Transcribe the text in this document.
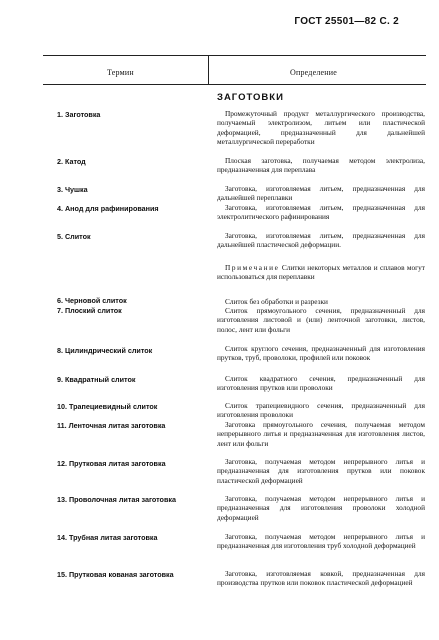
ГОСТ 25501—82 С. 2
Термин	Определение
ЗАГОТОВКИ
1. Заготовка	Промежуточный продукт металлургического производства, получаемый электролизом, литьем или пластической деформацией, предназначенный для дальнейшей металлургической переработки
2. Катод	Плоская заготовка, получаемая методом электролиза, предназначенная для переплава
3. Чушка	Заготовка, изготовляемая литьем, предназначенная для дальнейшей переплавки
4. Анод для рафинирования	Заготовка, изготовляемая литьем, предназначенная для электролитического рафинирования
5. Слиток	Заготовка, изготовляемая литьем, предназначенная для дальнейшей пластической деформации.
Примечание Слитки некоторых металлов и сплавов могут использоваться для переплавки
6. Черновой слиток	Слиток без обработки и разрезки
7. Плоский слиток	Слиток прямоугольного сечения, предназначенный для изготовления листовой и (или) ленточной заготовки, листов, полос, лент или фольги
8. Цилиндрический слиток	Слиток круглого сечения, предназначенный для изготовления прутков, труб, проволоки, профилей или поковок
9. Квадратный слиток	Слиток квадратного сечения, предназначенный для изготовления прутков или проволоки
10. Трапециевидный слиток	Слиток трапециевидного сечения, предназначенный для изготовления проволоки
11. Ленточная литая заготовка	Заготовка прямоугольного сечения, получаемая методом непрерывного литья и предназначенная для изготовления листов, лент или фольги
12. Прутковая литая заготовка	Заготовка, получаемая методом непрерывного литья и предназначенная для изготовления прутков или поковок пластической деформацией
13. Проволочная литая заготовка	Заготовка, получаемая методом непрерывного литья и предназначенная для изготовления проволоки холодной деформацией
14. Трубная литая заготовка	Заготовка, получаемая методом непрерывного литья и предназначенная для изготовления труб холодной деформацией
15. Прутковая кованая заготовка	Заготовка, изготовляемая ковкой, предназначенная для производства прутков или поковок пластической деформацией
